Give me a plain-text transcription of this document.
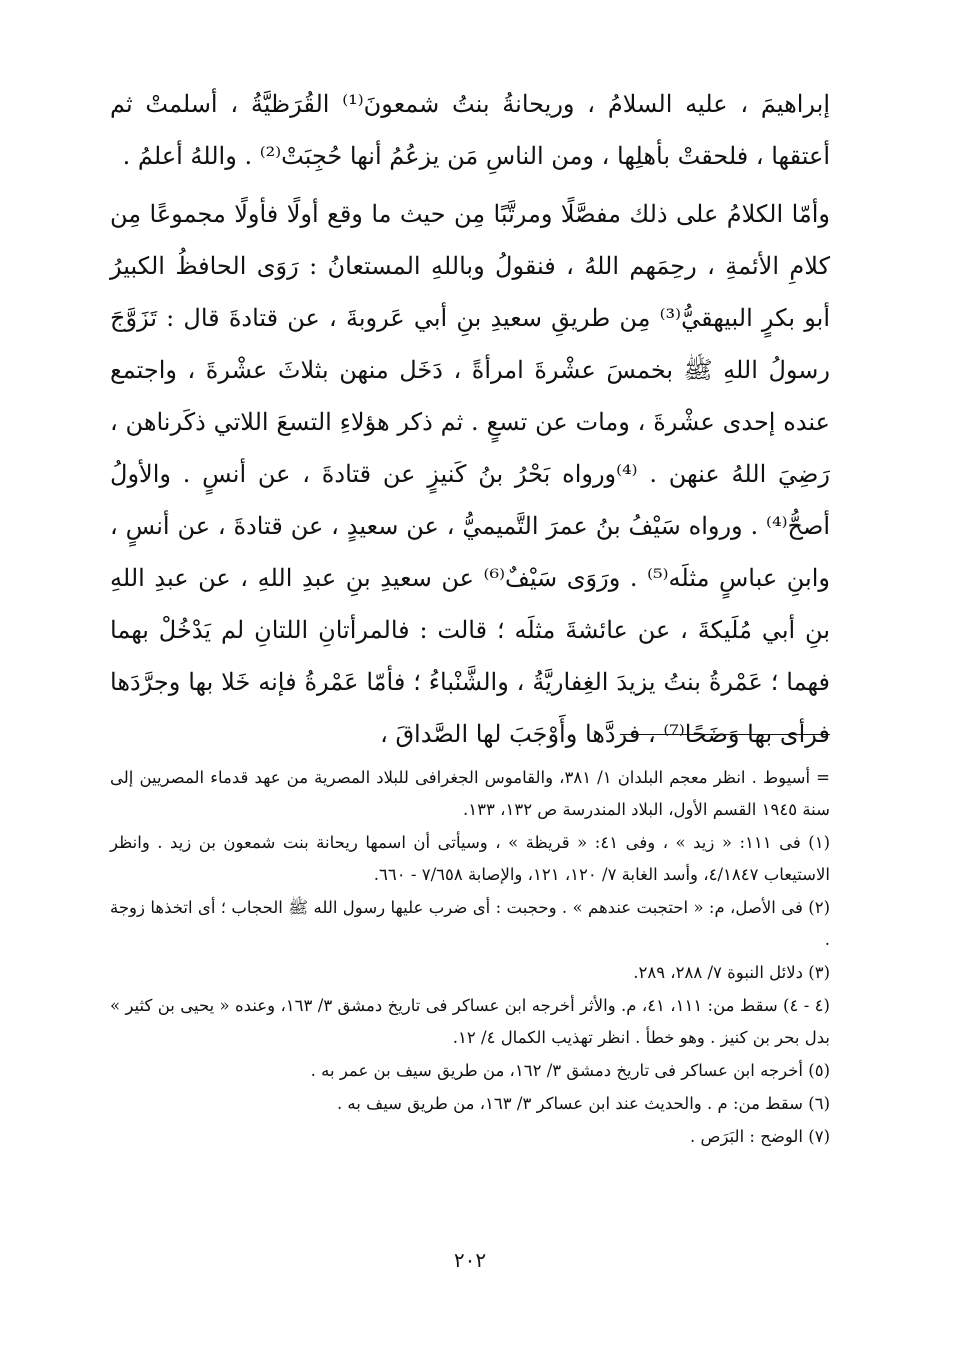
إبراهيمَ ، عليه السلامُ ، وريحانةُ بنتُ شمعونَ⁽¹⁾ القُرَظيَّةُ ، أسلمتْ ثم أعتقها ، فلحقتْ بأهلِها ، ومن الناسِ مَن يزعُمُ أنها حُجِبَتْ⁽²⁾ . واللهُ أعلمُ .

وأمّا الكلامُ على ذلك مفصَّلًا ومرتَّبًا مِن حيث ما وقع أولًا فأولًا مجموعًا مِن كلامِ الأئمةِ ، رحِمَهم اللهُ ، فنقولُ وباللهِ المستعانُ : رَوَى الحافظُ الكبيرُ أبو بكرٍ البيهقيُّ⁽³⁾ مِن طريقِ سعيدِ بنِ أبي عَروبةَ ، عن قتادةَ قال : تَزَوَّجَ رسولُ اللهِ ﷺ بخمسَ عشْرةَ امرأةً ، دَخَل منهن بثلاثَ عشْرةَ ، واجتمع عنده إحدى عشْرةَ ، ومات عن تسعٍ . ثم ذكر هؤلاءِ التسعَ اللاتي ذكَرناهن ، رَضِيَ اللهُ عنهن . ⁽⁴⁾ورواه بَحْرُ بنُ كَنيزٍ عن قتادةَ ، عن أنسٍ . والأولُ أصحُّ⁽⁴⁾ . ورواه سَيْفُ بنُ عمرَ التَّميميُّ ، عن سعيدٍ ، عن قتادةَ ، عن أنسٍ ، وابنِ عباسٍ مثلَه⁽⁵⁾ . ورَوَى سَيْفٌ⁽⁶⁾ عن سعيدِ بنِ عبدِ اللهِ ، عن عبدِ اللهِ بنِ أبي مُلَيكةَ ، عن عائشةَ مثلَه ؛ قالت : فالمرأتانِ اللتانِ لم يَدْخُلْ بهما فهما ؛ عَمْرةُ بنتُ يزيدَ الغِفاريَّةُ ، والشَّنْباءُ ؛ فأمّا عَمْرةُ فإنه خَلا بها وجرَّدَها فرأى بها وَضَحًا⁽⁷⁾ ، فردَّها وأَوْجَبَ لها الصَّداقَ ،

= أسيوط . انظر معجم البلدان ١/ ٣٨١، والقاموس الجغرافى للبلاد المصرية من عهد قدماء المصريين إلى سنة ١٩٤٥ القسم الأول، البلاد المندرسة ص ١٣٢، ١٣٣.

(١) فى ١١١: « زيد » ، وفى ٤١: « قريظة » ، وسيأتى أن اسمها ريحانة بنت شمعون بن زيد . وانظر الاستيعاب ٤/١٨٤٧، وأسد الغابة ٧/ ١٢٠، ١٢١، والإصابة ٧/٦٥٨ - ٦٦٠.

(٢) فى الأصل، م: « احتجبت عندهم » . وحجبت : أى ضرب عليها رسول الله ﷺ الحجاب ؛ أى اتخذها زوجة .

(٣) دلائل النبوة ٧/ ٢٨٨، ٢٨٩.

(٤ - ٤) سقط من: ١١١، ٤١، م. والأثر أخرجه ابن عساكر فى تاريخ دمشق ٣/ ١٦٣، وعنده « يحيى بن كثير » بدل بحر بن كنيز . وهو خطأ . انظر تهذيب الكمال ٤/ ١٢.

(٥) أخرجه ابن عساكر فى تاريخ دمشق ٣/ ١٦٢، من طريق سيف بن عمر به .

(٦) سقط من: م . والحديث عند ابن عساكر ٣/ ١٦٣، من طريق سيف به .

(٧) الوضح : البَرَص .

٢٠٢
